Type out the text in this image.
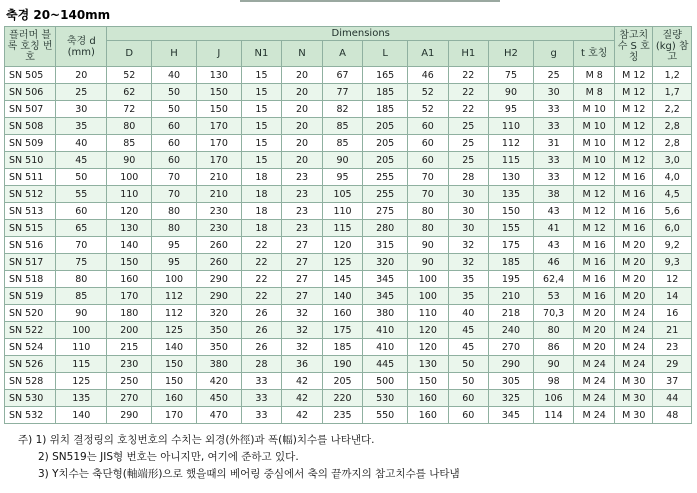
축경 20~140mm
플러머 블록 호칭 번호	축경 d (mm)	Dimensions												참고치수 S 호칭	질량 (kg) 참고
		D	H	J	N1	N	A	L	A1	H1	H2	g	t 호칭		
SN 505	20	52	40	130	15	20	67	165	46	22	75	25	M 8	M 12	1,2
SN 506	25	62	50	150	15	20	77	185	52	22	90	30	M 8	M 12	1,7
SN 507	30	72	50	150	15	20	82	185	52	22	95	33	M 10	M 12	2,2
SN 508	35	80	60	170	15	20	85	205	60	25	110	33	M 10	M 12	2,8
SN 509	40	85	60	170	15	20	85	205	60	25	112	31	M 10	M 12	2,8
SN 510	45	90	60	170	15	20	90	205	60	25	115	33	M 10	M 12	3,0
SN 511	50	100	70	210	18	23	95	255	70	28	130	33	M 12	M 16	4,0
SN 512	55	110	70	210	18	23	105	255	70	30	135	38	M 12	M 16	4,5
SN 513	60	120	80	230	18	23	110	275	80	30	150	43	M 12	M 16	5,6
SN 515	65	130	80	230	18	23	115	280	80	30	155	41	M 12	M 16	6,0
SN 516	70	140	95	260	22	27	120	315	90	32	175	43	M 16	M 20	9,2
SN 517	75	150	95	260	22	27	125	320	90	32	185	46	M 16	M 20	9,3
SN 518	80	160	100	290	22	27	145	345	100	35	195	62,4	M 16	M 20	12
SN 519	85	170	112	290	22	27	140	345	100	35	210	53	M 16	M 20	14
SN 520	90	180	112	320	26	32	160	380	110	40	218	70,3	M 20	M 24	16
SN 522	100	200	125	350	26	32	175	410	120	45	240	80	M 20	M 24	21
SN 524	110	215	140	350	26	32	185	410	120	45	270	86	M 20	M 24	23
SN 526	115	230	150	380	28	36	190	445	130	50	290	90	M 24	M 24	29
SN 528	125	250	150	420	33	42	205	500	150	50	305	98	M 24	M 30	37
SN 530	135	270	160	450	33	42	220	530	160	60	325	106	M 24	M 30	44
SN 532	140	290	170	470	33	42	235	550	160	60	345	114	M 24	M 30	48
주) 1) 위치 결정링의 호칭번호의 수치는 외경(外徑)과 폭(幅)치수를 나타낸다.
2) SN519는 JIS형 번호는 아니지만, 여기에 준하고 있다.
3) Y치수는 축단형(軸端形)으로 했을때의 베어링 중심에서 축의 끝까지의 참고치수를 나타냄
